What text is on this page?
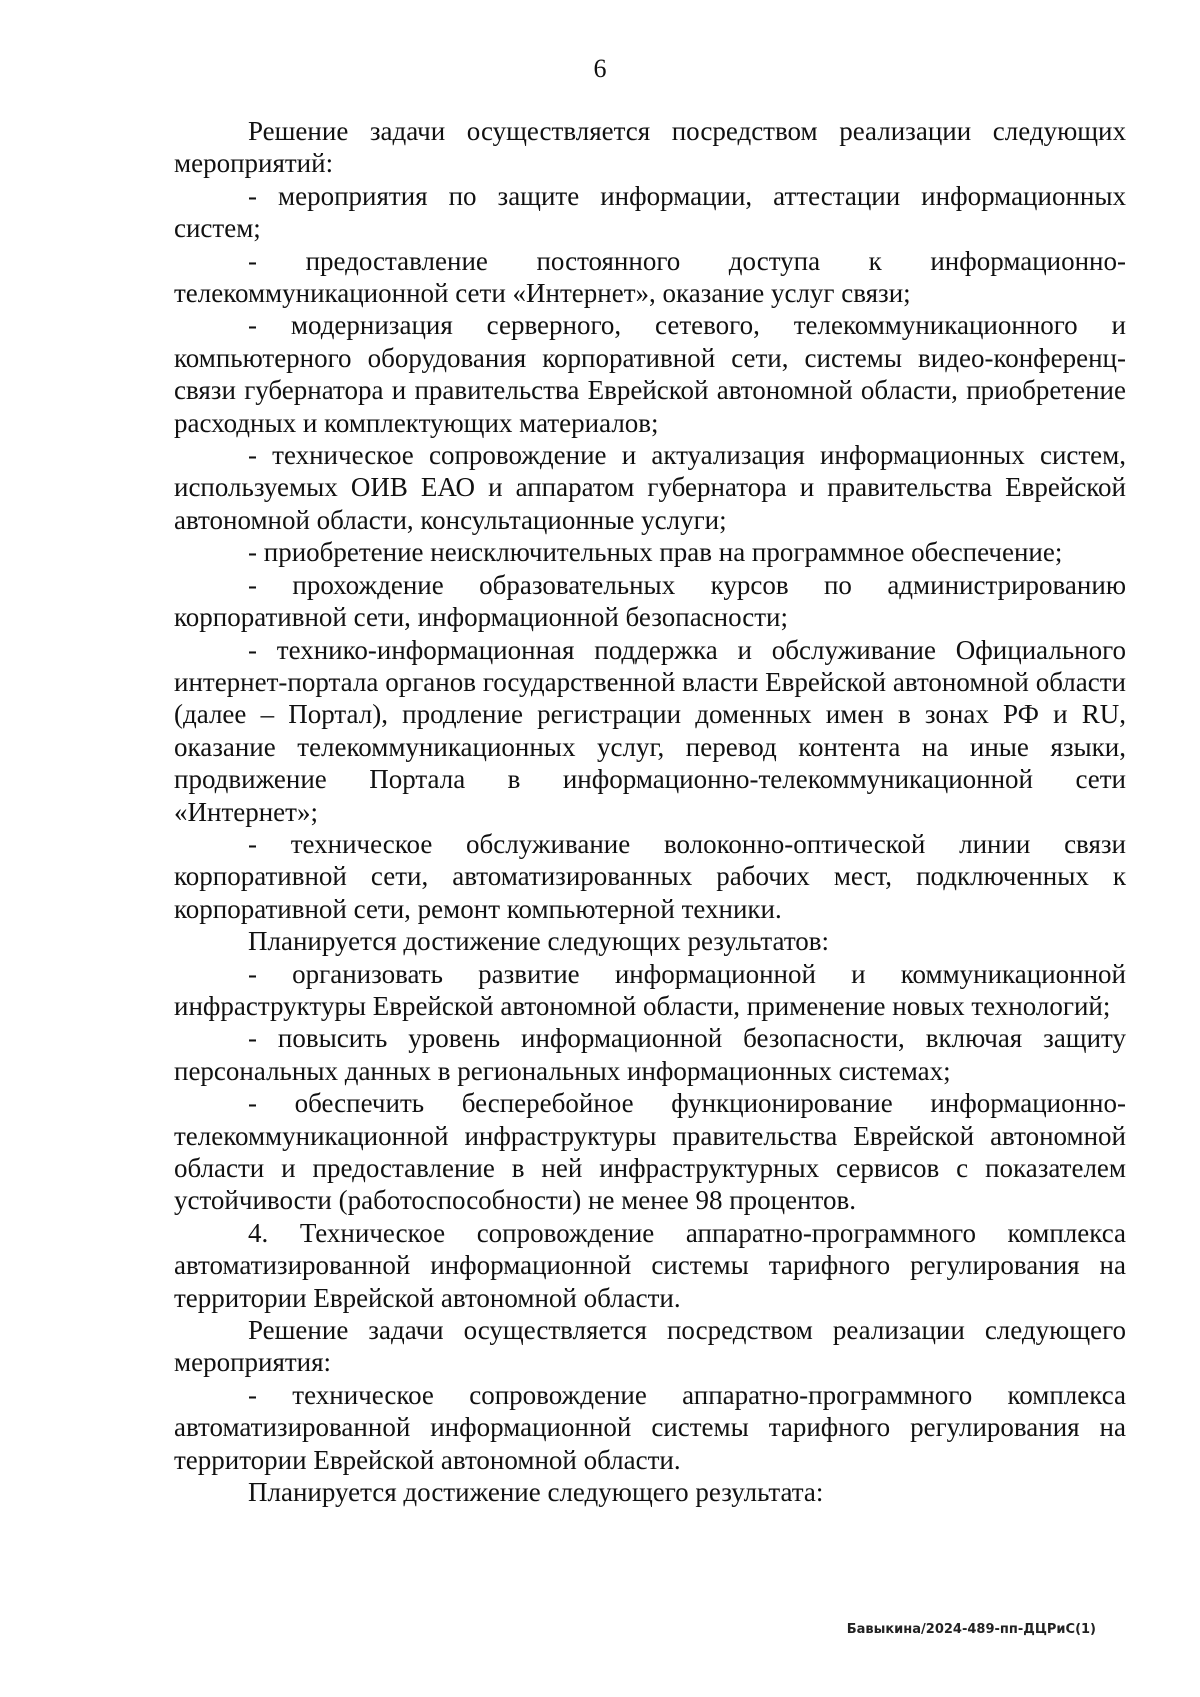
6

Решение задачи осуществляется посредством реализации следующих мероприятий:

- мероприятия по защите информации, аттестации информационных систем;

- предоставление постоянного доступа к информационно-телекоммуникационной сети «Интернет», оказание услуг связи;

- модернизация серверного, сетевого, телекоммуникационного и компьютерного оборудования корпоративной сети, системы видео-конференц-связи губернатора и правительства Еврейской автономной области, приобретение расходных и комплектующих материалов;

- техническое сопровождение и актуализация информационных систем, используемых ОИВ ЕАО и аппаратом губернатора и правительства Еврейской автономной области, консультационные услуги;

- приобретение неисключительных прав на программное обеспечение;

- прохождение образовательных курсов по администрированию корпоративной сети, информационной безопасности;

- технико-информационная поддержка и обслуживание Официального интернет-портала органов государственной власти Еврейской автономной области (далее – Портал), продление регистрации доменных имен в зонах РФ и RU, оказание телекоммуникационных услуг, перевод контента на иные языки, продвижение Портала в информационно-телекоммуникационной сети «Интернет»;

- техническое обслуживание волоконно-оптической линии связи корпоративной сети, автоматизированных рабочих мест, подключенных к корпоративной сети, ремонт компьютерной техники.

Планируется достижение следующих результатов:

- организовать развитие информационной и коммуникационной инфраструктуры Еврейской автономной области, применение новых технологий;

- повысить уровень информационной безопасности, включая защиту персональных данных в региональных информационных системах;

- обеспечить бесперебойное функционирование информационно-телекоммуникационной инфраструктуры правительства Еврейской автономной области и предоставление в ней инфраструктурных сервисов с показателем устойчивости (работоспособности) не менее 98 процентов.

4. Техническое сопровождение аппаратно-программного комплекса автоматизированной информационной системы тарифного регулирования на территории Еврейской автономной области.

Решение задачи осуществляется посредством реализации следующего мероприятия:

- техническое сопровождение аппаратно-программного комплекса автоматизированной информационной системы тарифного регулирования на территории Еврейской автономной области.

Планируется достижение следующего результата:

Бавыкина/2024-489-пп-ДЦРиС(1)
